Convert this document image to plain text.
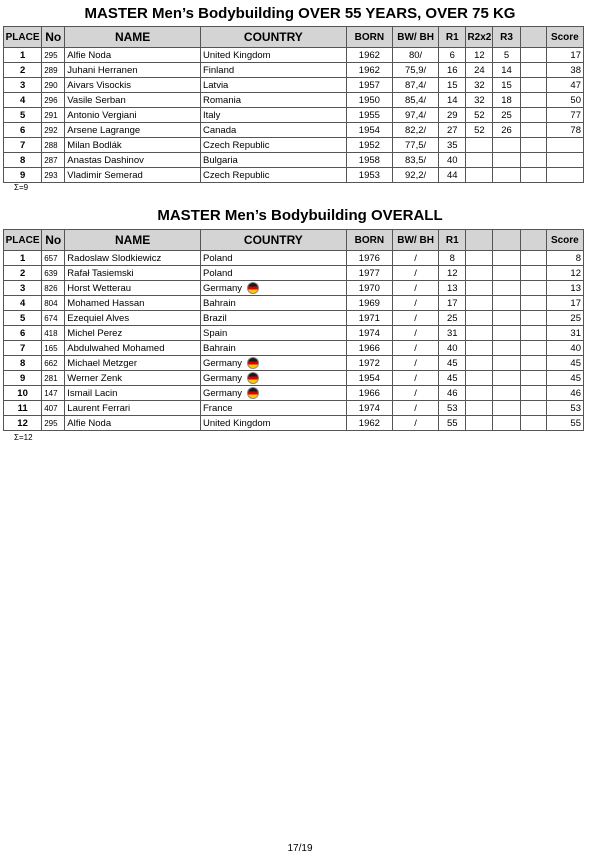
MASTER Men’s Bodybuilding OVER 55 YEARS, OVER 75 KG
PLACE	No	NAME	COUNTRY	BORN	BW/ BH	R1	R2x2	R3		Score
1	295	Alfie Noda	United Kingdom	1962	80/	6	12	5		17
2	289	Juhani Herranen	Finland	1962	75,9/	16	24	14		38
3	290	Aivars Visockis	Latvia	1957	87,4/	15	32	15		47
4	296	Vasile Serban	Romania	1950	85,4/	14	32	18		50
5	291	Antonio Vergiani	Italy	1955	97,4/	29	52	25		77
6	292	Arsene Lagrange	Canada	1954	82,2/	27	52	26		78
7	288	Milan Bodlák	Czech Republic	1952	77,5/	35				
8	287	Anastas Dashinov	Bulgaria	1958	83,5/	40				
9	293	Vladimir Semerad	Czech Republic	1953	92,2/	44				
Σ=9
MASTER Men’s Bodybuilding OVERALL
PLACE	No	NAME	COUNTRY	BORN	BW/ BH	R1				Score
1	657	Radoslaw Slodkiewicz	Poland	1976	/	8				8
2	639	Rafał Tasiemski	Poland	1977	/	12				12
3	826	Horst Wetterau	Germany	1970	/	13				13
4	804	Mohamed Hassan	Bahrain	1969	/	17				17
5	674	Ezequiel Alves	Brazil	1971	/	25				25
6	418	Michel Perez	Spain	1974	/	31				31
7	165	Abdulwahed Mohamed	Bahrain	1966	/	40				40
8	662	Michael Metzger	Germany	1972	/	45				45
9	281	Werner Zenk	Germany	1954	/	45				45
10	147	Ismail Lacin	Germany	1966	/	46				46
11	407	Laurent Ferrari	France	1974	/	53				53
12	295	Alfie Noda	United Kingdom	1962	/	55				55
Σ=12
17/19
